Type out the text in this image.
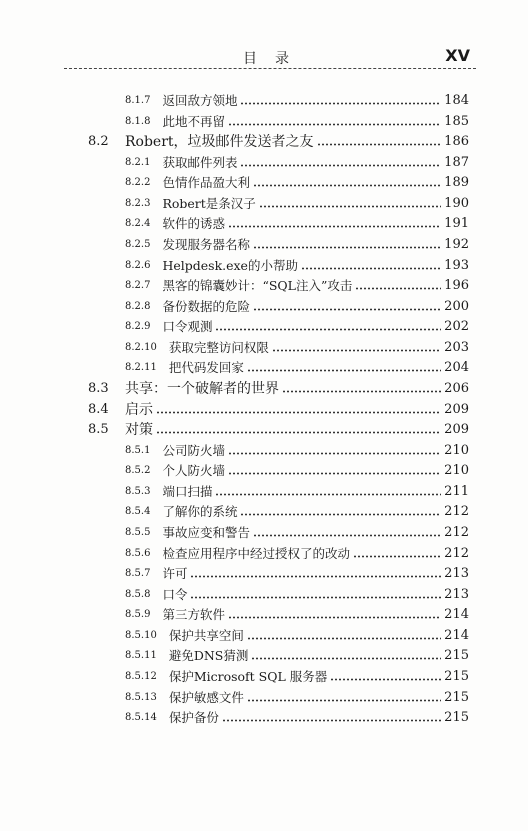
目　录	XV
8.1.7 返回敌方领地	184
8.1.8 此地不再留	185
8.2	Robert，垃圾邮件发送者之友	186
8.2.1 获取邮件列表	187
8.2.2 色情作品盈大利	189
8.2.3 Robert是条汉子	190
8.2.4 软件的诱惑	191
8.2.5 发现服务器名称	192
8.2.6 Helpdesk.exe的小帮助	193
8.2.7 黑客的锦囊妙计：“SQL注入”攻击	196
8.2.8 备份数据的危险	200
8.2.9 口令观测	202
8.2.10 获取完整访问权限	203
8.2.11 把代码发回家	204
8.3	共享：一个破解者的世界	206
8.4	启示	209
8.5	对策	209
8.5.1 公司防火墙	210
8.5.2 个人防火墙	210
8.5.3 端口扫描	211
8.5.4 了解你的系统	212
8.5.5 事故应变和警告	212
8.5.6 检查应用程序中经过授权了的改动	212
8.5.7 许可	213
8.5.8 口令	213
8.5.9 第三方软件	214
8.5.10 保护共享空间	214
8.5.11 避免DNS猜测	215
8.5.12 保护Microsoft SQL 服务器	215
8.5.13 保护敏感文件	215
8.5.14 保护备份	215
